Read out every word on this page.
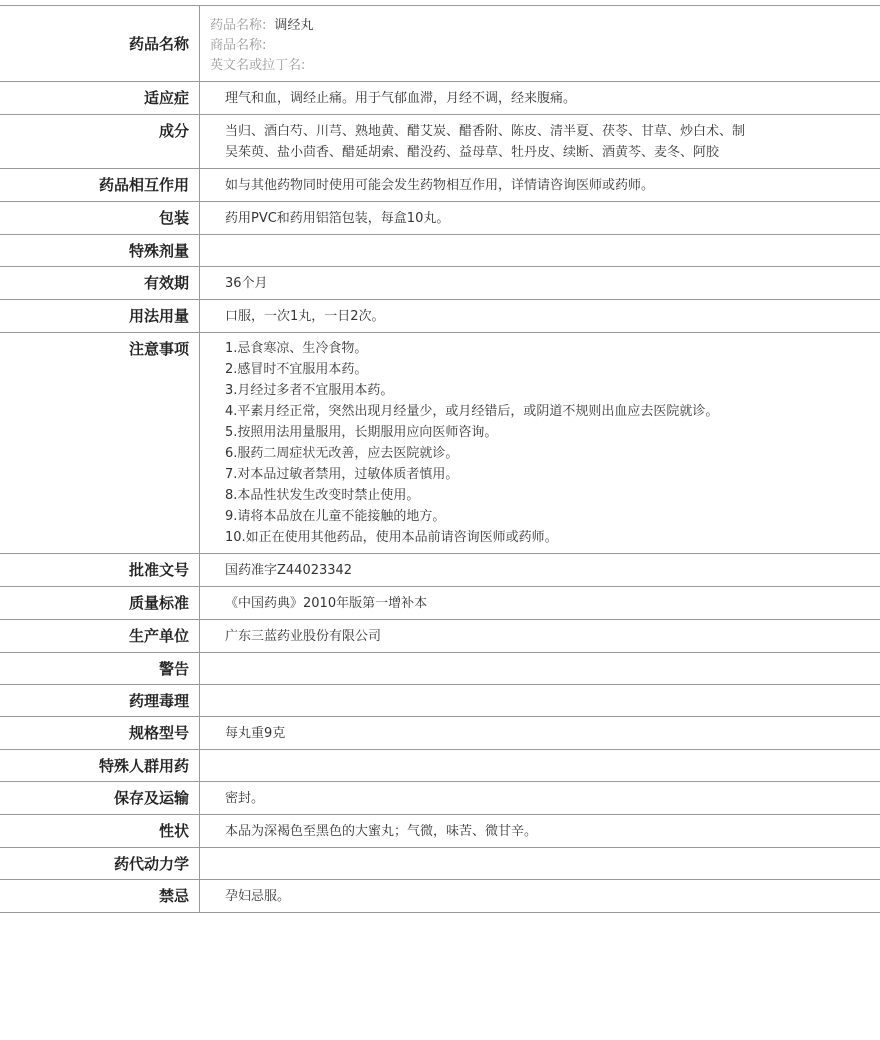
药品名称
药品名称: 调经丸
商品名称:
英文名或拉丁名:
适应症	理气和血，调经止痛。用于气郁血滞，月经不调，经来腹痛。
成分	当归、酒白芍、川芎、熟地黄、醋艾炭、醋香附、陈皮、清半夏、茯苓、甘草、炒白术、制
吴茱萸、盐小茴香、醋延胡索、醋没药、益母草、牡丹皮、续断、酒黄芩、麦冬、阿胶
药品相互作用	如与其他药物同时使用可能会发生药物相互作用，详情请咨询医师或药师。
包装	药用PVC和药用铝箔包装，每盒10丸。
特殊剂量
有效期	36个月
用法用量	口服，一次1丸，一日2次。
注意事项	1.忌食寒凉、生冷食物。
2.感冒时不宜服用本药。
3.月经过多者不宜服用本药。
4.平素月经正常，突然出现月经量少，或月经错后，或阴道不规则出血应去医院就诊。
5.按照用法用量服用，长期服用应向医师咨询。
6.服药二周症状无改善，应去医院就诊。
7.对本品过敏者禁用，过敏体质者慎用。
8.本品性状发生改变时禁止使用。
9.请将本品放在儿童不能接触的地方。
10.如正在使用其他药品，使用本品前请咨询医师或药师。
批准文号	国药准字Z44023342
质量标准	《中国药典》2010年版第一增补本
生产单位	广东三蓝药业股份有限公司
警告
药理毒理
规格型号	每丸重9克
特殊人群用药
保存及运输	密封。
性状	本品为深褐色至黑色的大蜜丸；气微，味苦、微甘辛。
药代动力学
禁忌	孕妇忌服。
